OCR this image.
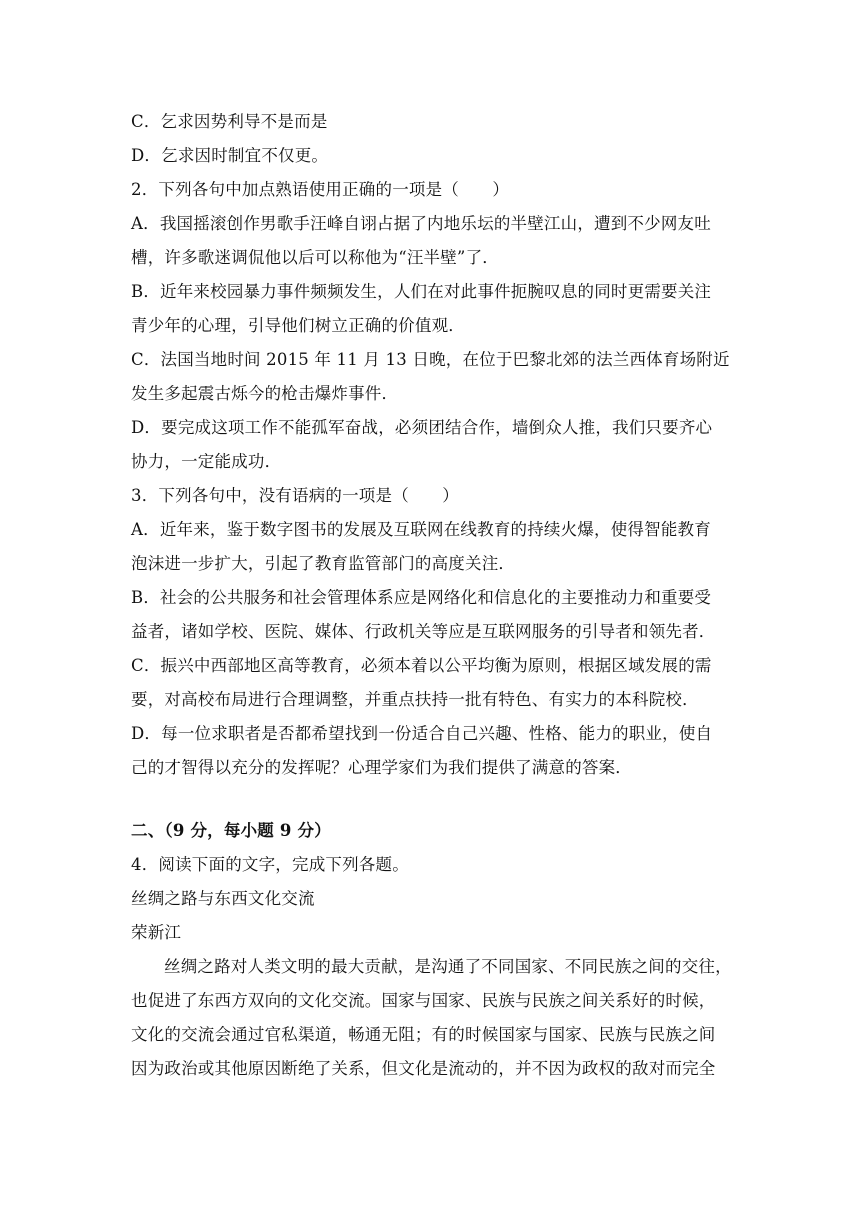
C．乞求因势利导不是而是
D．乞求因时制宜不仅更。
2．下列各句中加点熟语使用正确的一项是（　　）
A．我国摇滚创作男歌手汪峰自诩占据了内地乐坛的半壁江山，遭到不少网友吐
槽，许多歌迷调侃他以后可以称他为“汪半壁”了．
B．近年来校园暴力事件频频发生，人们在对此事件扼腕叹息的同时更需要关注
青少年的心理，引导他们树立正确的价值观．
C．法国当地时间 2015 年 11 月 13 日晚，在位于巴黎北郊的法兰西体育场附近
发生多起震古烁今的枪击爆炸事件．
D．要完成这项工作不能孤军奋战，必须团结合作，墙倒众人推，我们只要齐心
协力，一定能成功．
3．下列各句中，没有语病的一项是（　　）
A．近年来，鉴于数字图书的发展及互联网在线教育的持续火爆，使得智能教育
泡沫进一步扩大，引起了教育监管部门的高度关注．
B．社会的公共服务和社会管理体系应是网络化和信息化的主要推动力和重要受
益者，诸如学校、医院、媒体、行政机关等应是互联网服务的引导者和领先者．
C．振兴中西部地区高等教育，必须本着以公平均衡为原则，根据区域发展的需
要，对高校布局进行合理调整，并重点扶持一批有特色、有实力的本科院校．
D．每一位求职者是否都希望找到一份适合自己兴趣、性格、能力的职业，使自
己的才智得以充分的发挥呢？心理学家们为我们提供了满意的答案．
二、（9 分，每小题 9 分）
4．阅读下面的文字，完成下列各题。
丝绸之路与东西文化交流
荣新江
丝绸之路对人类文明的最大贡献，是沟通了不同国家、不同民族之间的交往，
也促进了东西方双向的文化交流。国家与国家、民族与民族之间关系好的时候，
文化的交流会通过官私渠道，畅通无阻；有的时候国家与国家、民族与民族之间
因为政治或其他原因断绝了关系，但文化是流动的，并不因为政权的敌对而完全
